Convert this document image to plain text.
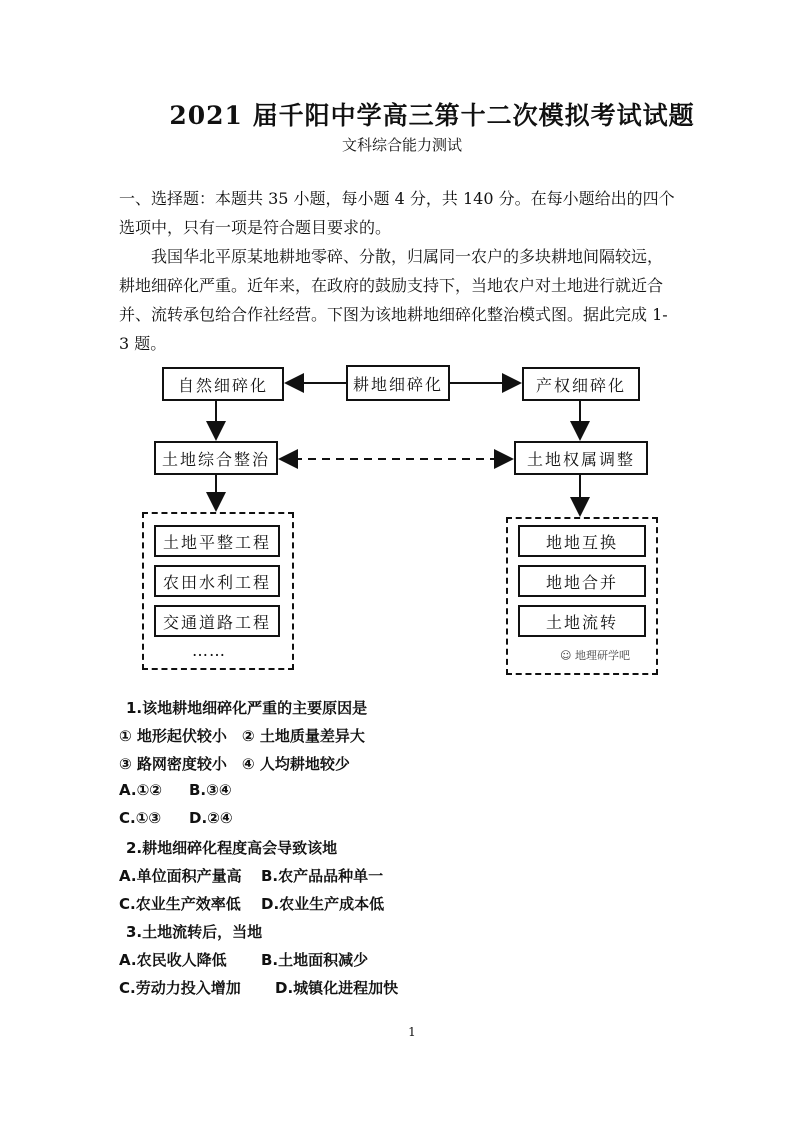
2021 届千阳中学高三第十二次模拟考试试题
文科综合能力测试
一、选择题：本题共 35 小题，每小题 4 分，共 140 分。在每小题给出的四个选项中，只有一项是符合题目要求的。
我国华北平原某地耕地零碎、分散，归属同一农户的多块耕地间隔较远，耕地细碎化严重。近年来，在政府的鼓励支持下，当地农户对土地进行就近合并、流转承包给合作社经营。下图为该地耕地细碎化整治模式图。据此完成 1-3 题。
自然细碎化	耕地细碎化	产权细碎化
土地综合整治	土地权属调整
土地平整工程
农田水利工程
交通道路工程
……
地地互换
地地合并
土地流转
☺ 地理研学吧
1.该地耕地细碎化严重的主要原因是
① 地形起伏较小　② 土地质量差异大
③ 路网密度较小　④ 人均耕地较少
A.①② B.③④
C.①③ D.②④
2.耕地细碎化程度高会导致该地
A.单位面积产量高 B.农产品品种单一
C.农业生产效率低 D.农业生产成本低
3.土地流转后，当地
A.农民收人降低 B.土地面积减少
C.劳动力投入增加 D.城镇化进程加快
1
